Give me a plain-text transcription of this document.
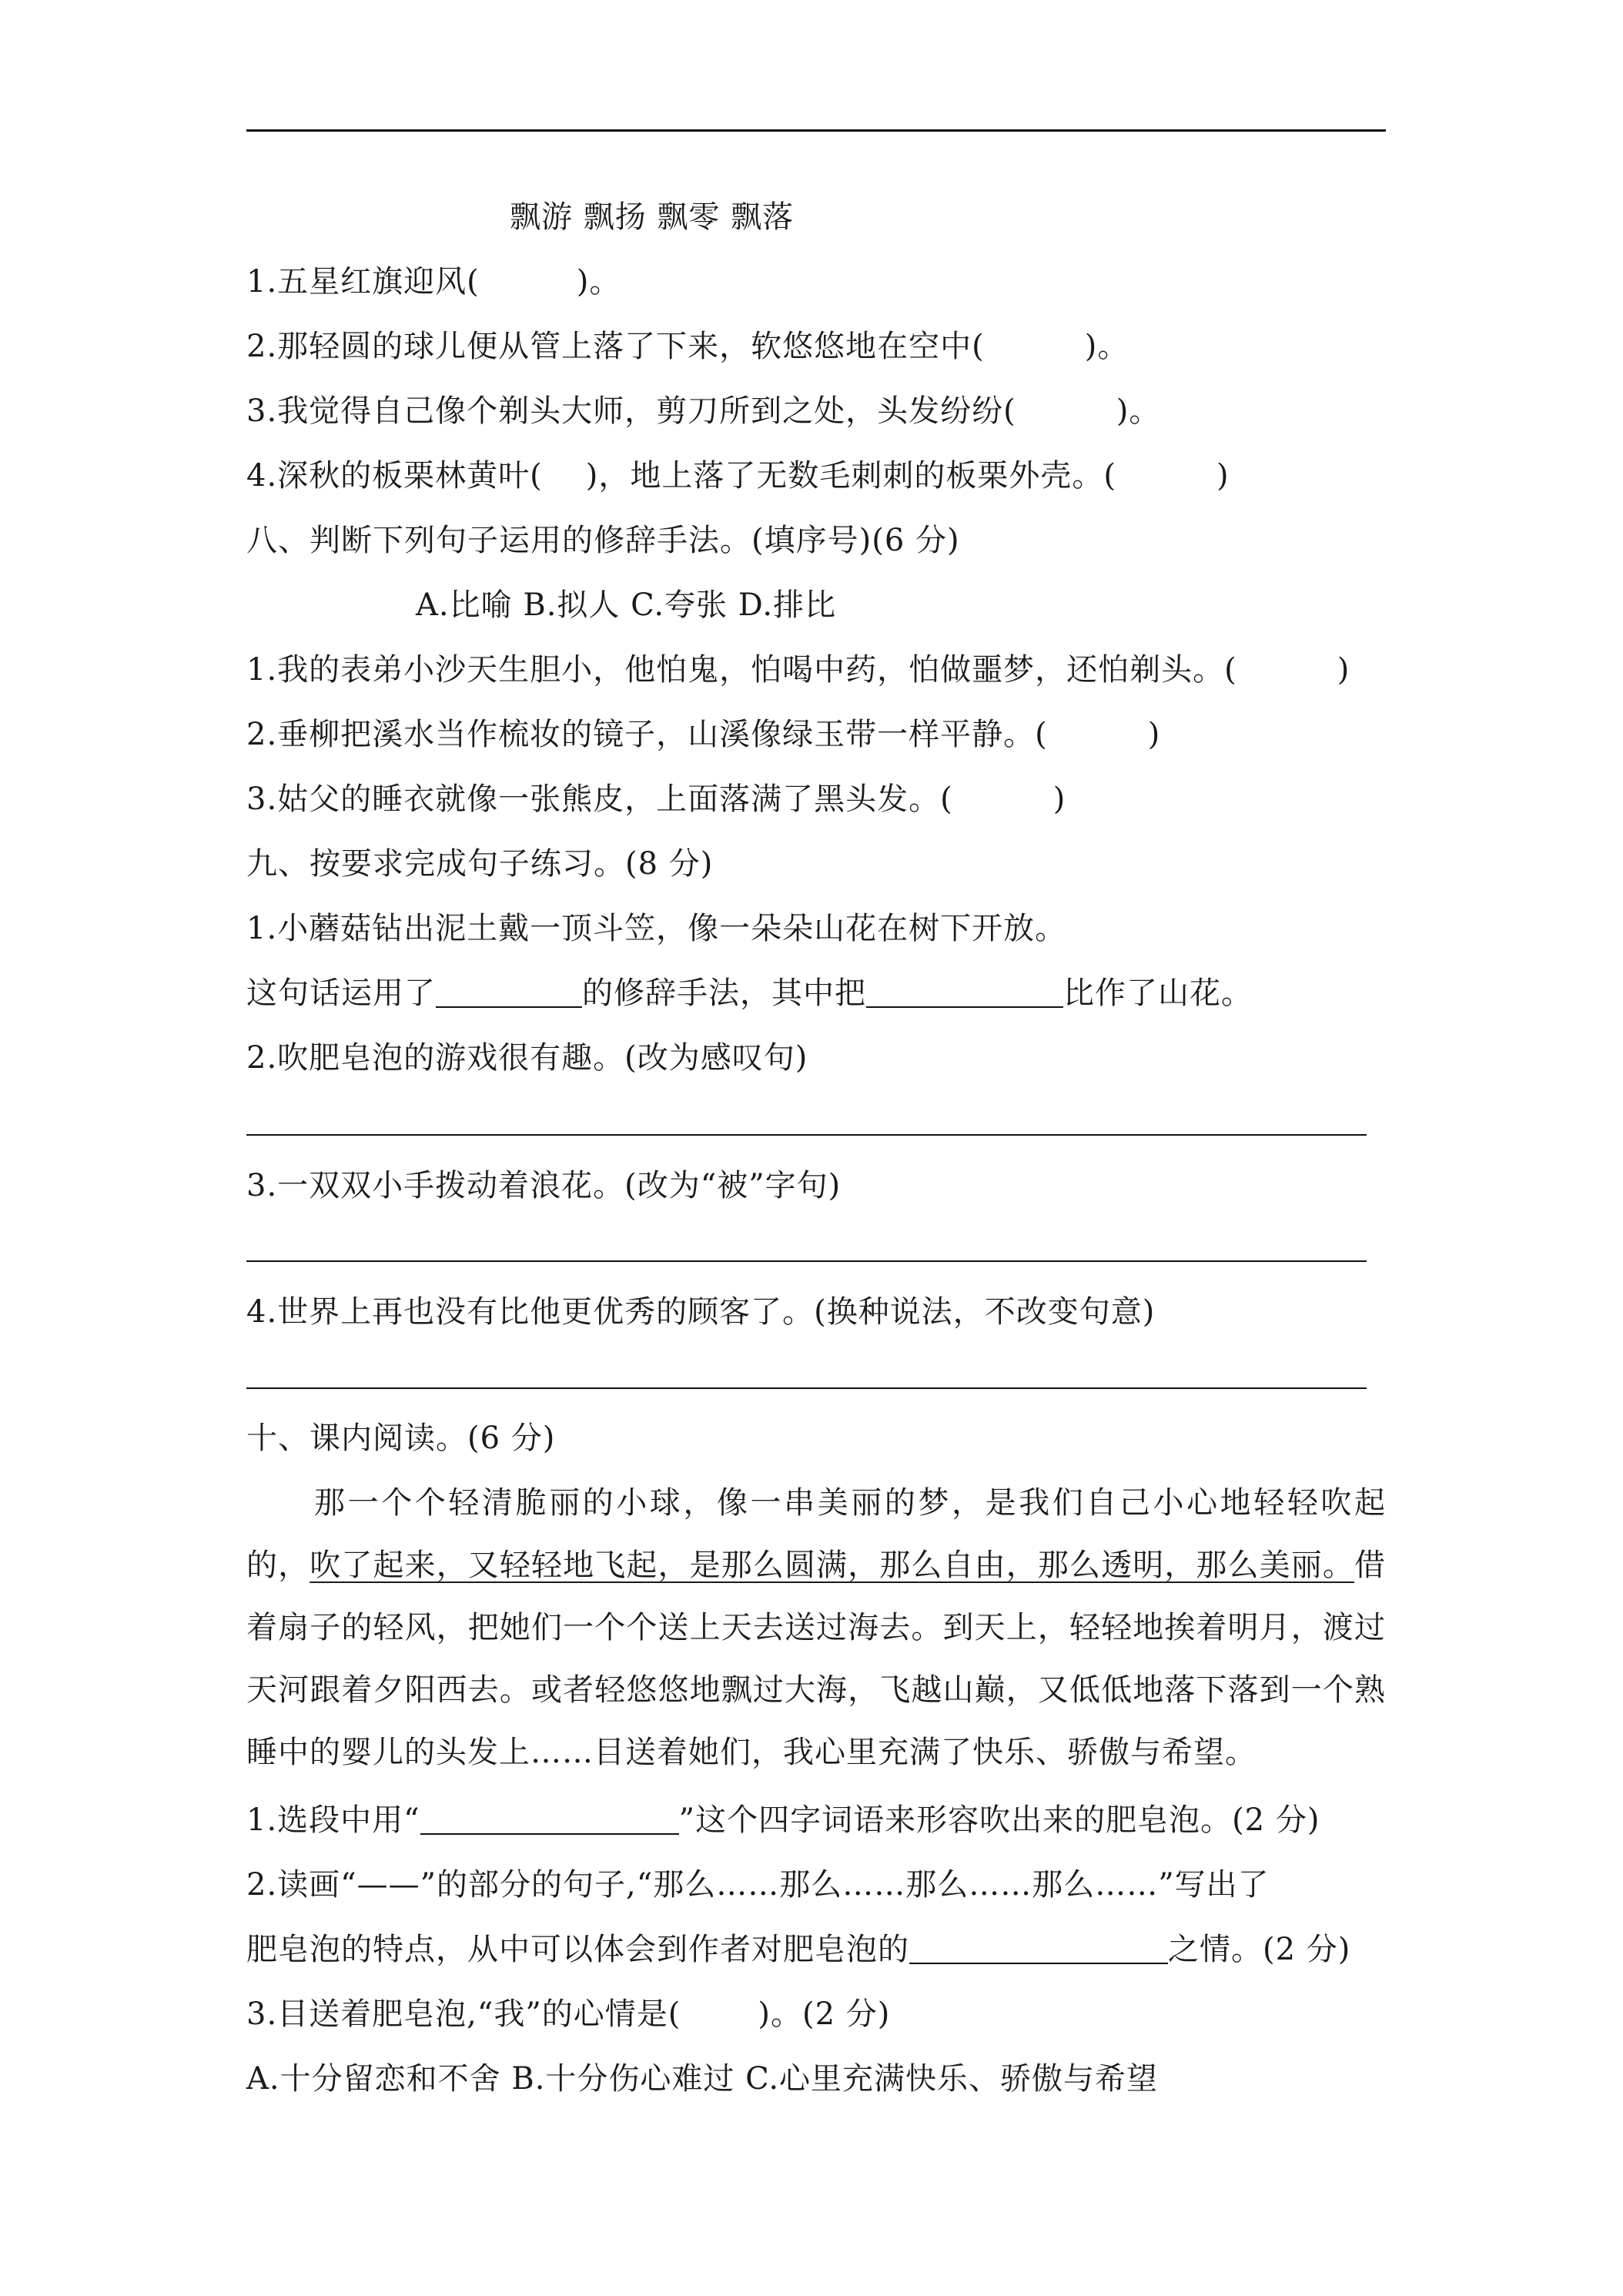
飘游 飘扬 飘零 飘落
1.五星红旗迎风(	)。
2.那轻圆的球儿便从管上落了下来，软悠悠地在空中(	)。
3.我觉得自己像个剃头大师，剪刀所到之处，头发纷纷(	)。
4.深秋的板栗林黄叶( )，地上落了无数毛刺刺的板栗外壳。(	)
八、判断下列句子运用的修辞手法。(填序号)(6 分)
A.比喻 B.拟人 C.夸张 D.排比
1.我的表弟小沙天生胆小，他怕鬼，怕喝中药，怕做噩梦，还怕剃头。(	)
2.垂柳把溪水当作梳妆的镜子，山溪像绿玉带一样平静。(	)
3.姑父的睡衣就像一张熊皮，上面落满了黑头发。(	)
九、按要求完成句子练习。(8 分)
1.小蘑菇钻出泥土戴一顶斗笠，像一朵朵山花在树下开放。
这句话运用了	的修辞手法，其中把	比作了山花。
2.吹肥皂泡的游戏很有趣。(改为感叹句)
3.一双双小手拨动着浪花。(改为“被”字句)
4.世界上再也没有比他更优秀的顾客了。(换种说法，不改变句意)
十、课内阅读。(6 分)
那一个个轻清脆丽的小球，像一串美丽的梦，是我们自己小心地轻轻吹起的，吹了起来，又轻轻地飞起，是那么圆满，那么自由，那么透明，那么美丽。借着扇子的轻风，把她们一个个送上天去送过海去。到天上，轻轻地挨着明月，渡过天河跟着夕阳西去。或者轻悠悠地飘过大海，飞越山巅，又低低地落下落到一个熟睡中的婴儿的头发上……目送着她们，我心里充满了快乐、骄傲与希望。
1.选段中用“	”这个四字词语来形容吹出来的肥皂泡。(2 分)
2.读画“——”的部分的句子,“那么……那么……那么……那么……”写出了
肥皂泡的特点，从中可以体会到作者对肥皂泡的	之情。(2 分)
3.目送着肥皂泡,“我”的心情是(	)。(2 分)
A.十分留恋和不舍 B.十分伤心难过 C.心里充满快乐、骄傲与希望
